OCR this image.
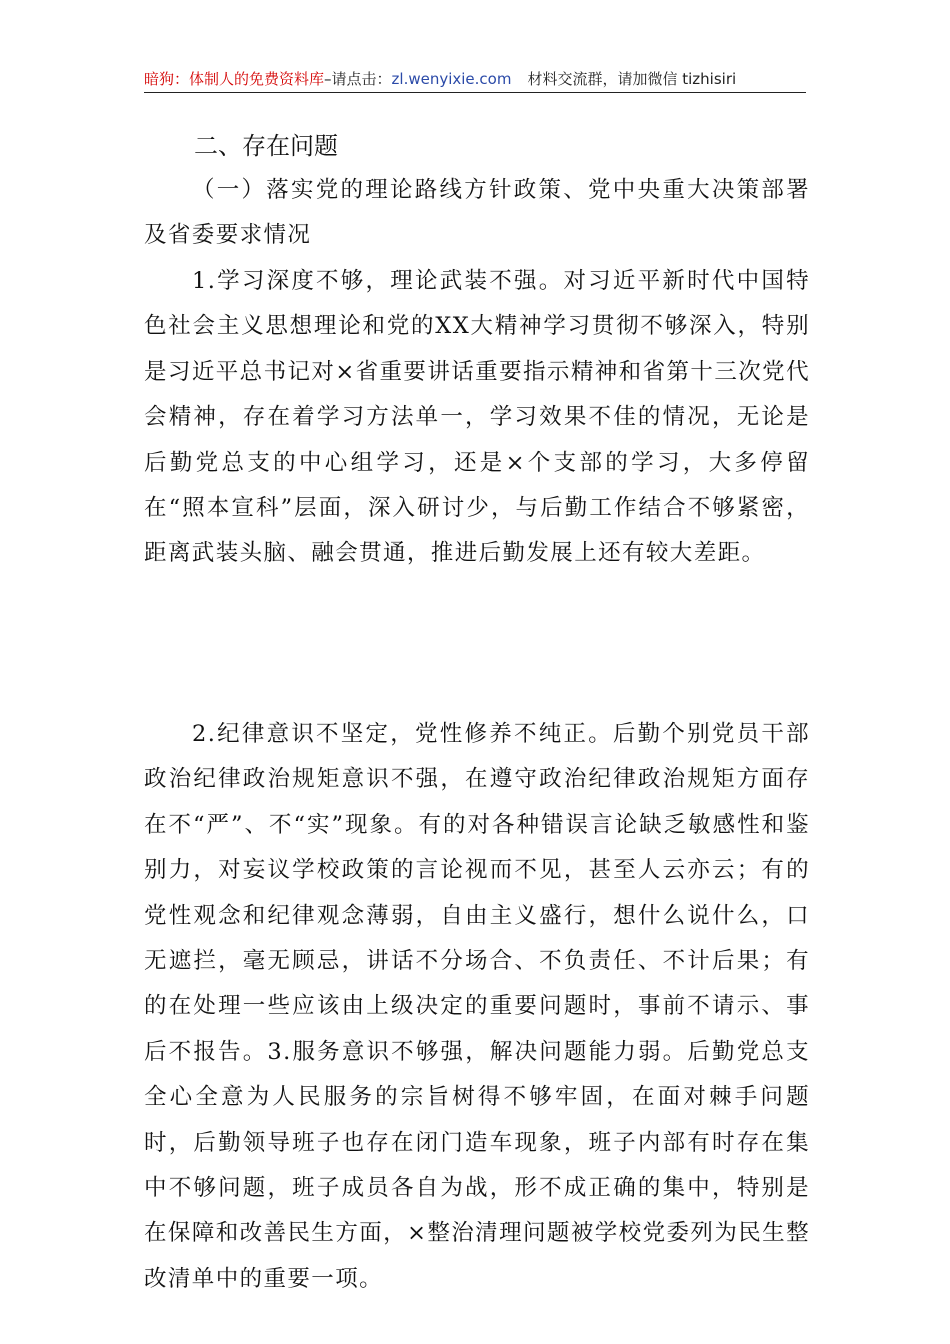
暗狗：体制人的免费资料库–请点击：zl.wenyixie.com 材料交流群，请加微信 tizhisiri
二、存在问题

（一）落实党的理论路线方针政策、党中央重大决策部署及省委要求情况

1.学习深度不够，理论武装不强。对习近平新时代中国特色社会主义思想理论和党的XX大精神学习贯彻不够深入，特别是习近平总书记对×省重要讲话重要指示精神和省第十三次党代会精神，存在着学习方法单一，学习效果不佳的情况，无论是后勤党总支的中心组学习，还是×个支部的学习，大多停留在“照本宣科”层面，深入研讨少，与后勤工作结合不够紧密，距离武装头脑、融会贯通，推进后勤发展上还有较大差距。

2.纪律意识不坚定，党性修养不纯正。后勤个别党员干部政治纪律政治规矩意识不强，在遵守政治纪律政治规矩方面存在不“严”、不“实”现象。有的对各种错误言论缺乏敏感性和鉴别力，对妄议学校政策的言论视而不见，甚至人云亦云；有的党性观念和纪律观念薄弱，自由主义盛行，想什么说什么，口无遮拦，毫无顾忌，讲话不分场合、不负责任、不计后果；有的在处理一些应该由上级决定的重要问题时，事前不请示、事后不报告。3.服务意识不够强，解决问题能力弱。后勤党总支全心全意为人民服务的宗旨树得不够牢固，在面对棘手问题时，后勤领导班子也存在闭门造车现象，班子内部有时存在集中不够问题，班子成员各自为战，形不成正确的集中，特别是在保障和改善民生方面，×整治清理问题被学校党委列为民生整改清单中的重要一项。
